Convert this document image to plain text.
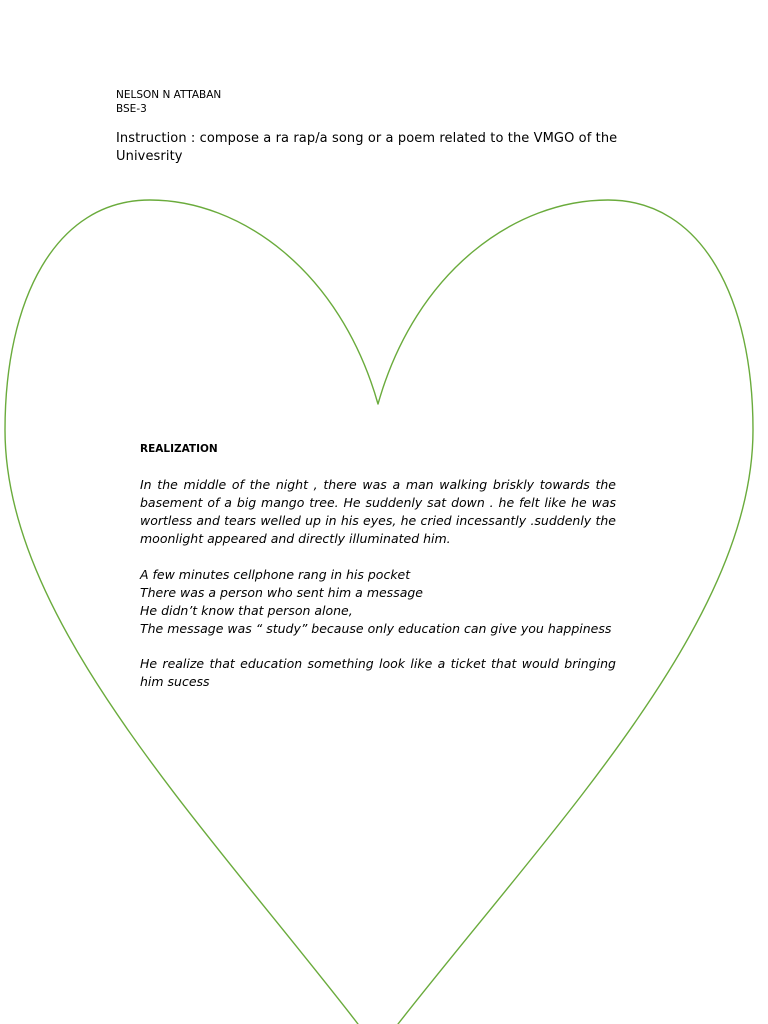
NELSON N ATTABAN

BSE-3

Instruction : compose a ra rap/a song or a poem related to the VMGO of the Univesrity

REALIZATION

In the middle of the night , there was a man walking briskly towards the basement of a big mango tree. He suddenly sat down . he felt like he was wortless and tears welled up in his eyes, he cried incessantly .suddenly the moonlight appeared and directly illuminated him.

A few minutes cellphone rang in his pocket
There was a person who sent him a message
He didn’t know that person alone,
The message was “ study” because only education can give you happiness

He realize that education something look like a ticket that would bringing him sucess
